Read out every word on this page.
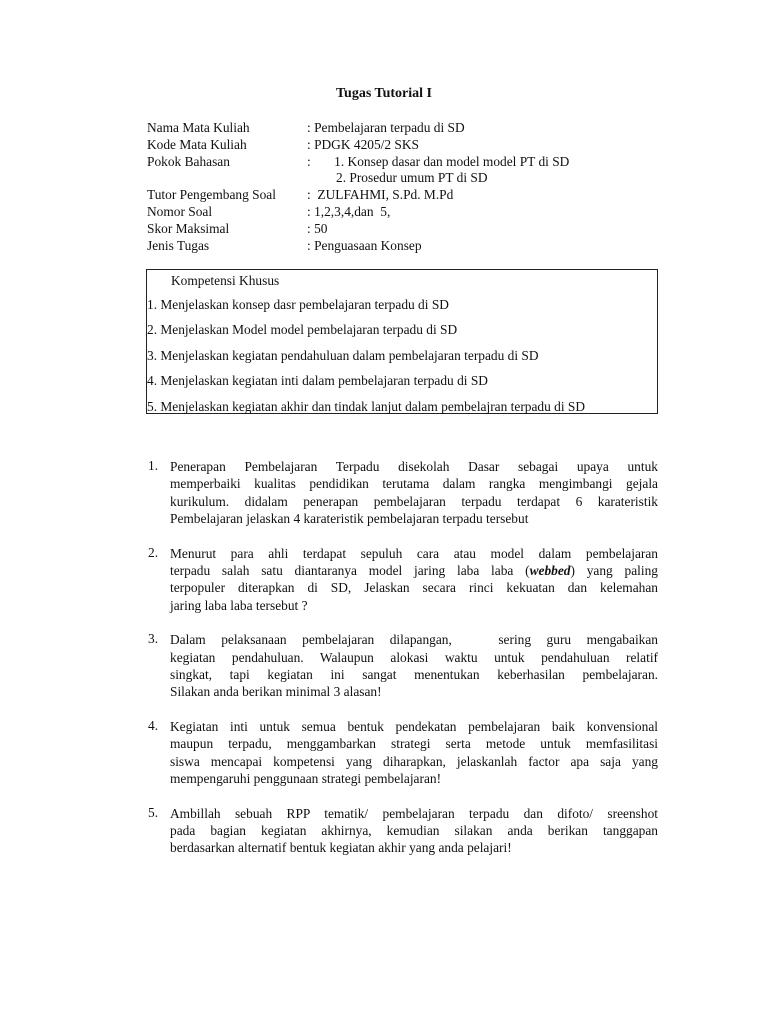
Tugas Tutorial I
Nama Mata Kuliah	: Pembelajaran terpadu di SD
Kode Mata Kuliah	: PDGK 4205/2 SKS
Pokok Bahasan	:       1. Konsep dasar dan model model PT di SD
2. Prosedur umum PT di SD
Tutor Pengembang Soal	:  ZULFAHMI, S.Pd. M.Pd
Nomor Soal	: 1,2,3,4,dan  5,
Skor Maksimal	: 50
Jenis Tugas	: Penguasaan Konsep
Kompetensi Khusus
1. Menjelaskan konsep dasr pembelajaran terpadu di SD
2. Menjelaskan Model model pembelajaran terpadu di SD
3. Menjelaskan kegiatan pendahuluan dalam pembelajaran terpadu di SD
4. Menjelaskan kegiatan inti dalam pembelajaran terpadu di SD
5. Menjelaskan kegiatan akhir dan tindak lanjut dalam pembelajran terpadu di SD
1. Penerapan Pembelajaran Terpadu disekolah Dasar sebagai upaya untuk
memperbaiki kualitas pendidikan terutama dalam rangka mengimbangi gejala
kurikulum. didalam penerapan pembelajaran terpadu terdapat 6 karateristik
Pembelajaran jelaskan 4 karateristik pembelajaran terpadu tersebut
2. Menurut para ahli terdapat sepuluh cara atau model dalam pembelajaran
terpadu salah satu diantaranya model jaring laba laba (webbed) yang paling
terpopuler diterapkan di SD, Jelaskan secara rinci kekuatan dan kelemahan
jaring laba laba tersebut ?
3. Dalam pelaksanaan pembelajaran dilapangan,   sering guru mengabaikan
kegiatan pendahuluan. Walaupun alokasi waktu untuk pendahuluan relatif
singkat, tapi kegiatan ini sangat menentukan keberhasilan pembelajaran.
Silakan anda berikan minimal 3 alasan!
4. Kegiatan inti untuk semua bentuk pendekatan pembelajaran baik konvensional
maupun terpadu, menggambarkan strategi serta metode untuk memfasilitasi
siswa mencapai kompetensi yang diharapkan, jelaskanlah factor apa saja yang
mempengaruhi penggunaan strategi pembelajaran!
5. Ambillah sebuah RPP tematik/ pembelajaran terpadu dan difoto/ sreenshot
pada bagian kegiatan akhirnya, kemudian silakan anda berikan tanggapan
berdasarkan alternatif bentuk kegiatan akhir yang anda pelajari!
